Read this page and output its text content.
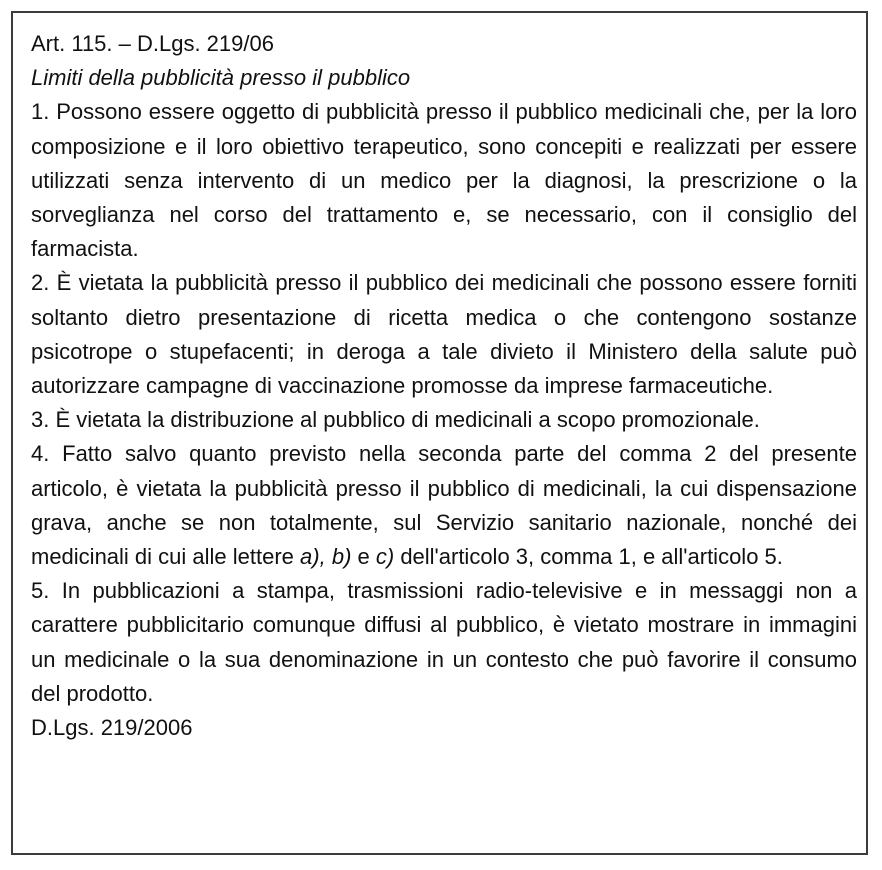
Art. 115. – D.Lgs. 219/06

Limiti della pubblicità presso il pubblico

1. Possono essere oggetto di pubblicità presso il pubblico medicinali che, per la loro composizione e il loro obiettivo terapeutico, sono concepiti e realizzati per essere utilizzati senza intervento di un medico per la diagnosi, la prescrizione o la sorveglianza nel corso del trattamento e, se necessario, con il consiglio del farmacista.

2. È vietata la pubblicità presso il pubblico dei medicinali che possono essere forniti soltanto dietro presentazione di ricetta medica o che contengono sostanze psicotrope o stupefacenti; in deroga a tale divieto il Ministero della salute può autorizzare campagne di vaccinazione promosse da imprese farmaceutiche.

3. È vietata la distribuzione al pubblico di medicinali a scopo promozionale.

4. Fatto salvo quanto previsto nella seconda parte del comma 2 del presente articolo, è vietata la pubblicità presso il pubblico di medicinali, la cui dispensazione grava, anche se non totalmente, sul Servizio sanitario nazionale, nonché dei medicinali di cui alle lettere a), b) e c) dell'articolo 3, comma 1, e all'articolo 5.

5. In pubblicazioni a stampa, trasmissioni radio-televisive e in messaggi non a carattere pubblicitario comunque diffusi al pubblico, è vietato mostrare in immagini un medicinale o la sua denominazione in un contesto che può favorire il consumo del prodotto.

D.Lgs. 219/2006
